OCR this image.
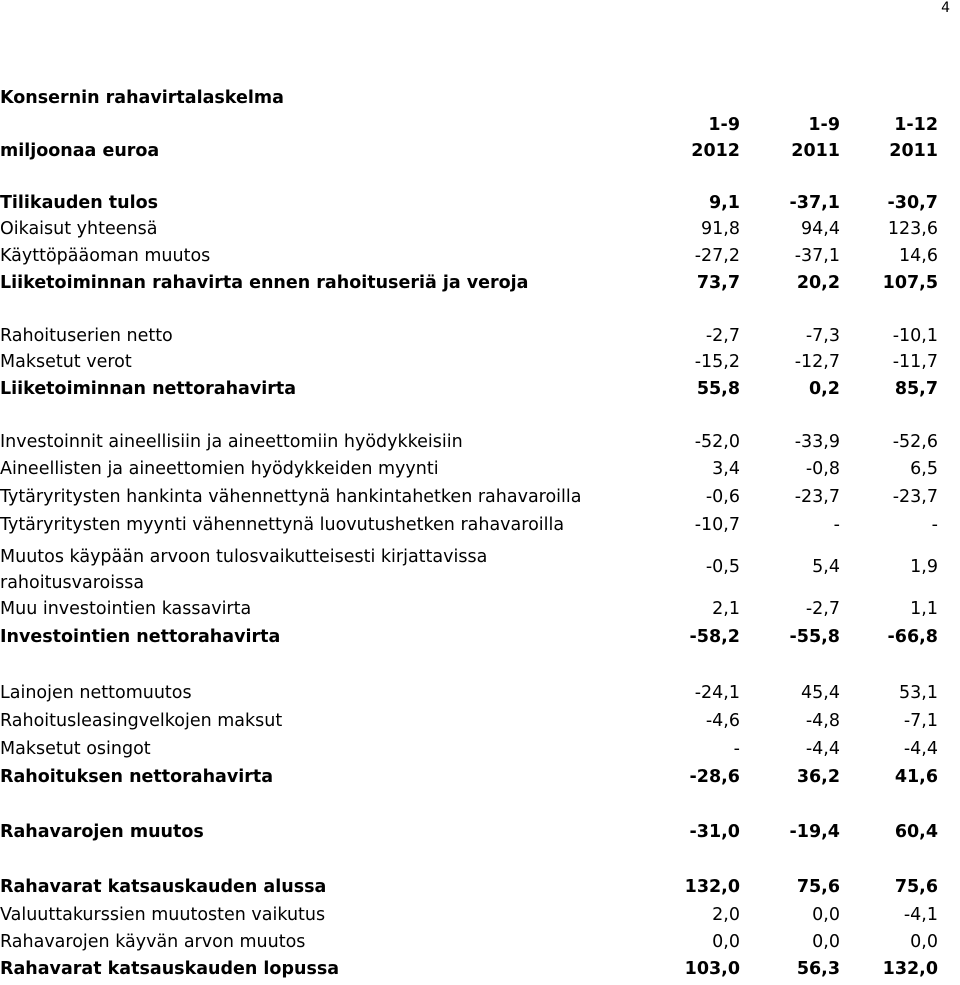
4
Konsernin rahavirtalaskelma
1-9	1-9	1-12
miljoonaa euroa	2012	2011	2011
Tilikauden tulos	9,1	-37,1	-30,7
Oikaisut yhteensä	91,8	94,4	123,6
Käyttöpääoman muutos	-27,2	-37,1	14,6
Liiketoiminnan rahavirta ennen rahoituseriä ja veroja	73,7	20,2	107,5
Rahoituserien netto	-2,7	-7,3	-10,1
Maksetut verot	-15,2	-12,7	-11,7
Liiketoiminnan nettorahavirta	55,8	0,2	85,7
Investoinnit aineellisiin ja aineettomiin hyödykkeisiin	-52,0	-33,9	-52,6
Aineellisten ja aineettomien hyödykkeiden myynti	3,4	-0,8	6,5
Tytäryritysten hankinta vähennettynä hankintahetken rahavaroilla	-0,6	-23,7	-23,7
Tytäryritysten myynti vähennettynä luovutushetken rahavaroilla	-10,7	-	-
Muutos käypään arvoon tulosvaikutteisesti kirjattavissa
rahoitusvaroissa
-0,5	5,4	1,9
Muu investointien kassavirta	2,1	-2,7	1,1
Investointien nettorahavirta	-58,2	-55,8	-66,8
Lainojen nettomuutos	-24,1	45,4	53,1
Rahoitusleasingvelkojen maksut	-4,6	-4,8	-7,1
Maksetut osingot	-	-4,4	-4,4
Rahoituksen nettorahavirta	-28,6	36,2	41,6
Rahavarojen muutos	-31,0	-19,4	60,4
Rahavarat katsauskauden alussa	132,0	75,6	75,6
Valuuttakurssien muutosten vaikutus	2,0	0,0	-4,1
Rahavarojen käyvän arvon muutos	0,0	0,0	0,0
Rahavarat katsauskauden lopussa	103,0	56,3	132,0
